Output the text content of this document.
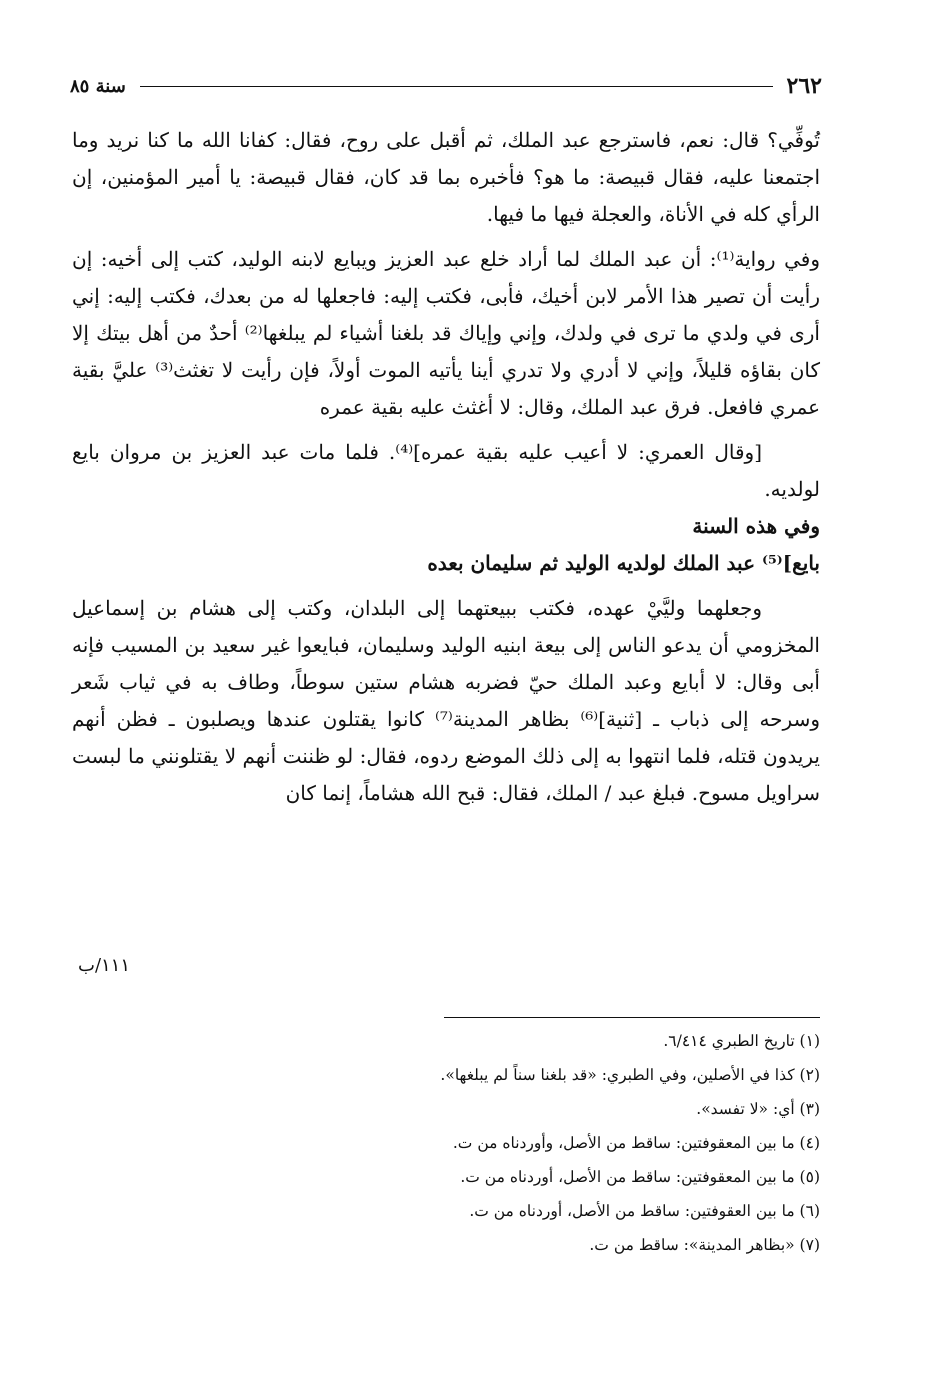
٢٦٢
سنة ٨٥

تُوفِّي؟ قال: نعم، فاسترجع عبد الملك، ثم أقبل على روح، فقال: كفانا الله ما كنا نريد وما اجتمعنا عليه، فقال قبيصة: ما هو؟ فأخبره بما قد كان، فقال قبيصة: يا أمير المؤمنين، إن الرأي كله في الأناة، والعجلة فيها ما فيها.

وفي رواية⁽¹⁾: أن عبد الملك لما أراد خلع عبد العزيز ويبايع لابنه الوليد، كتب إلى أخيه: إن رأيت أن تصير هذا الأمر لابن أخيك، فأبى، فكتب إليه: فاجعلها له من بعدك، فكتب إليه: إني أرى في ولدي ما ترى في ولدك، وإني وإياك قد بلغنا أشياء لم يبلغها⁽²⁾ أحدٌ من أهل بيتك إلا كان بقاؤه قليلاً، وإني لا أدري ولا تدري أينا يأتيه الموت أولاً، فإن رأيت لا تغثث⁽³⁾ عليَّ بقية عمري فافعل. فرق عبد الملك، وقال: لا أغثث عليه بقية عمره

[وقال العمري: لا أعيب عليه بقية عمره]⁽⁴⁾. فلما مات عبد العزيز بن مروان بايع لولديه.

وفي هذه السنة

بايع]⁽⁵⁾ عبد الملك لولديه الوليد ثم سليمان بعده

وجعلهما وليَّيْ عهده، فكتب ببيعتهما إلى البلدان، وكتب إلى هشام بن إسماعيل المخزومي أن يدعو الناس إلى بيعة ابنيه الوليد وسليمان، فبايعوا غير سعيد بن المسيب فإنه أبى وقال: لا أبايع وعبد الملك حيّ فضربه هشام ستين سوطاً، وطاف به في ثياب شَعر وسرحه إلى ذباب ـ [ثنية]⁽⁶⁾ بظاهر المدينة⁽⁷⁾ كانوا يقتلون عندها ويصلبون ـ فظن أنهم يريدون قتله، فلما انتهوا به إلى ذلك الموضع ردوه، فقال: لو ظننت أنهم لا يقتلونني ما لبست سراويل مسوح. فبلغ عبد / الملك، فقال: قبح الله هشاماً، إنما كان

١١١/ب

(١) تاريخ الطبري ٦/٤١٤.

(٢) كذا في الأصلين، وفي الطبري: «قد بلغنا سناً لم يبلغها».

(٣) أي: «لا تفسد».

(٤) ما بين المعقوفتين: ساقط من الأصل، وأوردناه من ت.

(٥) ما بين المعقوفتين: ساقط من الأصل، أوردناه من ت.

(٦) ما بين العقوفتين: ساقط من الأصل، أوردناه من ت.

(٧) «بظاهر المدينة»: ساقط من ت.
